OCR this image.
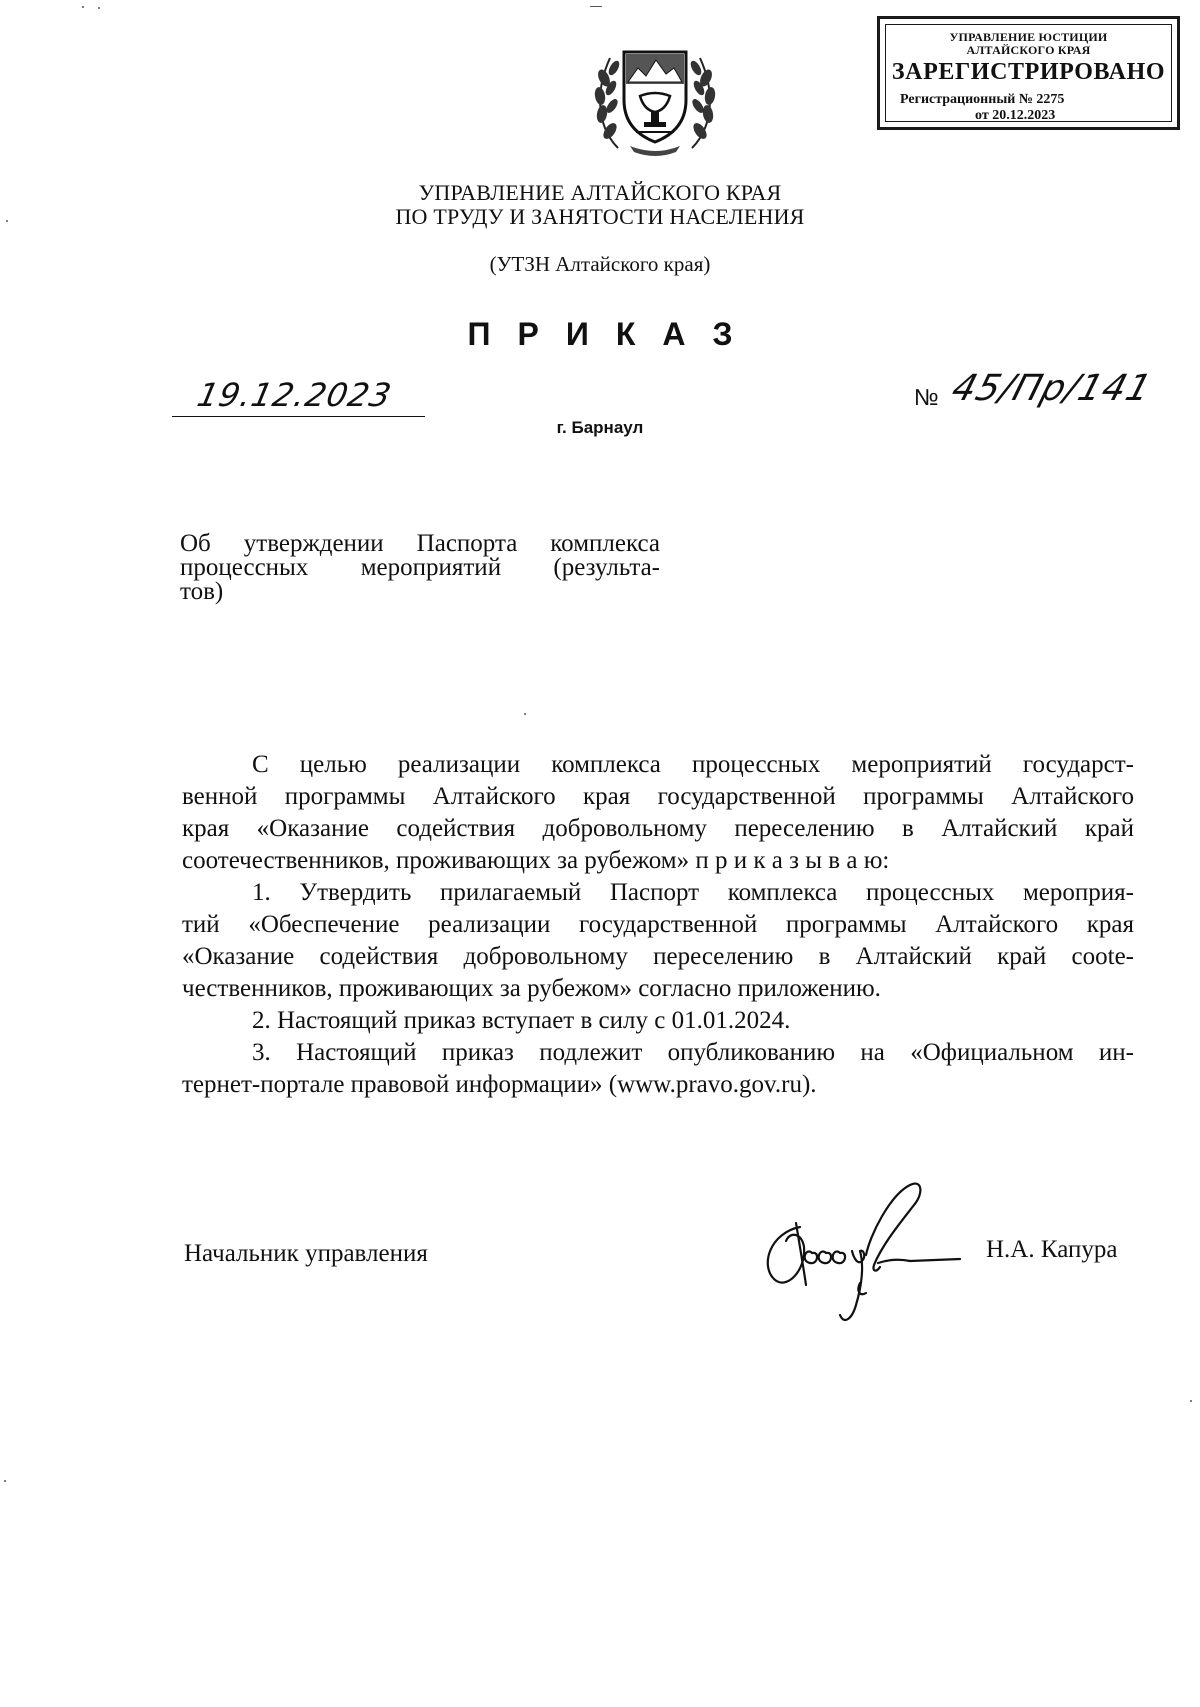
УПРАВЛЕНИЕ ЮСТИЦИИ
АЛТАЙСКОГО КРАЯ
ЗАРЕГИСТРИРОВАНО
Регистрационный № 2275
от 20.12.2023
УПРАВЛЕНИЕ АЛТАЙСКОГО КРАЯ
ПО ТРУДУ И ЗАНЯТОСТИ НАСЕЛЕНИЯ
(УТЗН Алтайского края)
ПРИКАЗ
19.12.2023	№ 45/Пр/141
г. Барнаул
Об утверждении Паспорта комплекса
процессных мероприятий (результа-
тов)
С целью реализации комплекса процессных мероприятий государст-
венной программы Алтайского края государственной программы Алтайского
края «Оказание содействия добровольному переселению в Алтайский край
соотечественников, проживающих за рубежом» п р и к а з ы в а ю:
1. Утвердить прилагаемый Паспорт комплекса процессных мероприя-
тий «Обеспечение реализации государственной программы Алтайского края
«Оказание содействия добровольному переселению в Алтайский край соote-
чественников, проживающих за рубежом» согласно приложению.
2. Настоящий приказ вступает в силу с 01.01.2024.
3. Настоящий приказ подлежит опубликованию на «Официальном ин-
тернет-портале правовой информации» (www.pravo.gov.ru).
Начальник управления	Н.А. Капура
